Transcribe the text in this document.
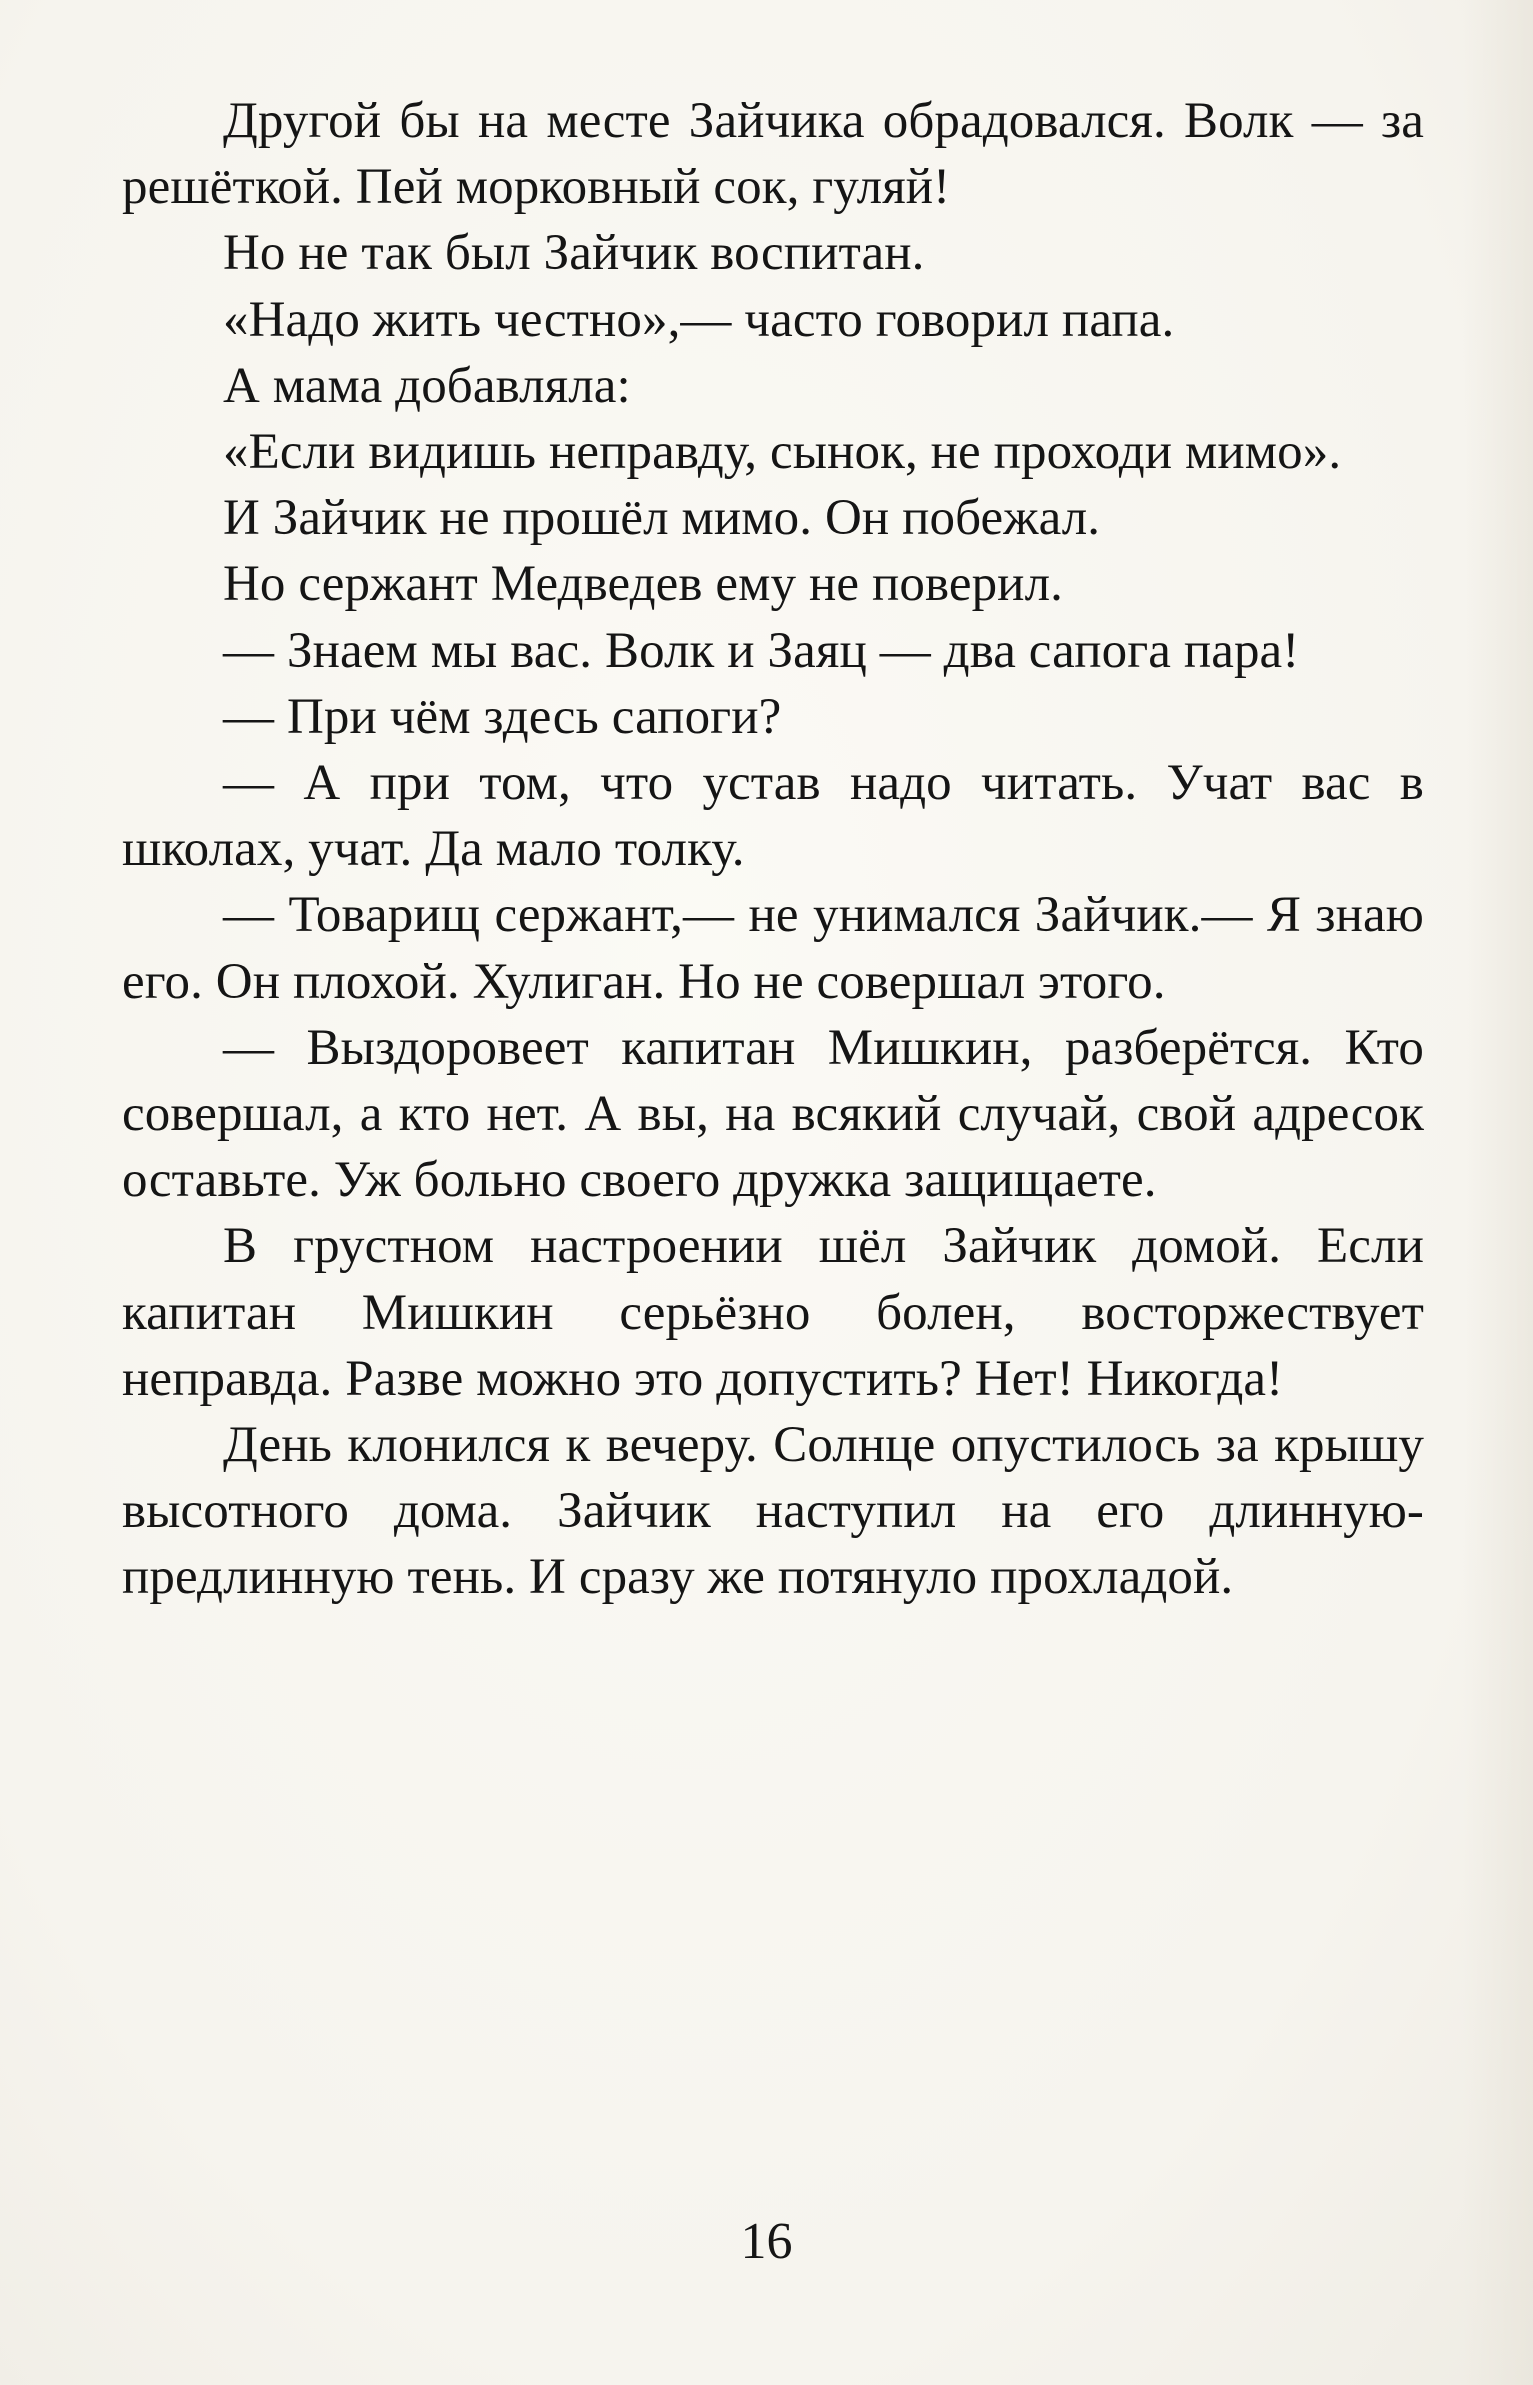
Другой бы на месте Зайчика обрадовался. Волк — за решёткой. Пей морковный сок, гуляй!

Но не так был Зайчик воспитан.

«Надо жить честно»,— часто говорил папа.

А мама добавляла:

«Если видишь неправду, сынок, не проходи мимо».

И Зайчик не прошёл мимо. Он побежал.

Но сержант Медведев ему не поверил.

— Знаем мы вас. Волк и Заяц — два сапога пара!

— При чём здесь сапоги?

— А при том, что устав надо читать. Учат вас в школах, учат. Да мало толку.

— Товарищ сержант,— не унимался Зайчик.— Я знаю его. Он плохой. Хулиган. Но не совершал этого.

— Выздоровеет капитан Мишкин, разберётся. Кто совершал, а кто нет. А вы, на всякий случай, свой адресок оставьте. Уж больно своего дружка защищаете.

В грустном настроении шёл Зайчик домой. Если капитан Мишкин серьёзно болен, восторжествует неправда. Разве можно это допустить? Нет! Никогда!

День клонился к вечеру. Солнце опустилось за крышу высотного дома. Зайчик наступил на его длинную-предлинную тень. И сразу же потянуло прохладой.

16
